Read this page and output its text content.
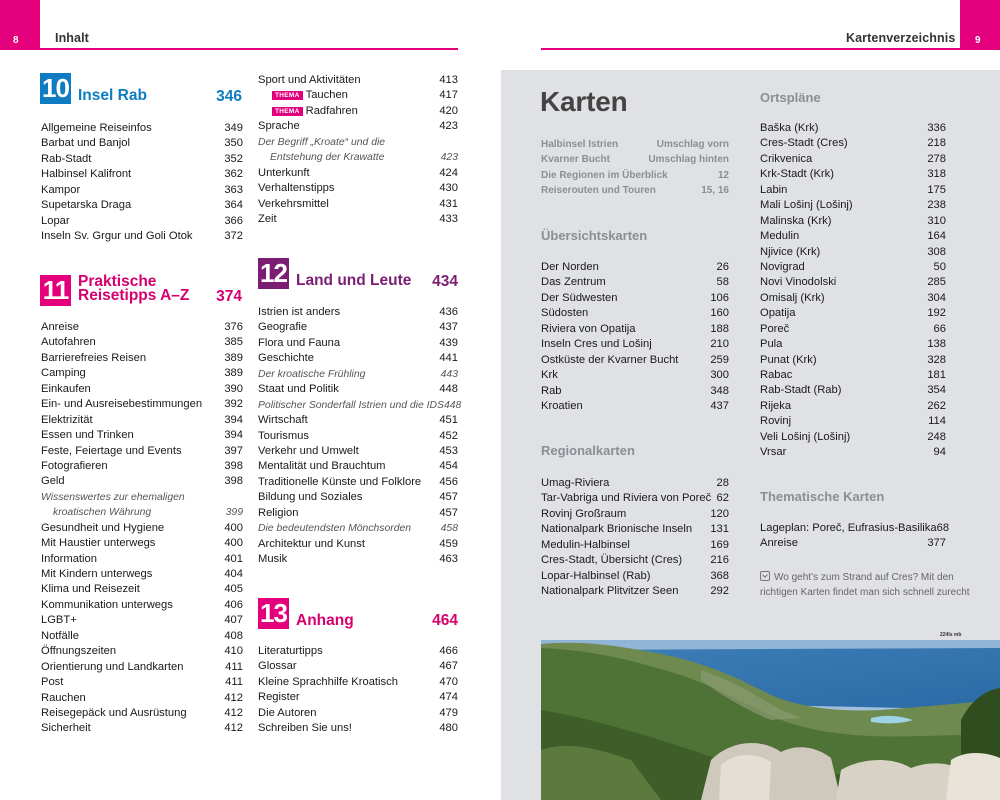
8	Inhalt	Kartenverzeichnis 9
10 Insel Rab	346
Allgemeine Reiseinfos	349
Barbat und Banjol	350
Rab-Stadt	352
Halbinsel Kalifront	362
Kampor	363
Supetarska Draga	364
Lopar	366
Inseln Sv. Grgur und Goli Otok	372
11 Praktische
Reisetipps A–Z	374
Anreise	376
Autofahren	385
Barrierefreies Reisen	389
Camping	389
Einkaufen	390
Ein- und Ausreisebestimmungen 392
Elektrizität	394
Essen und Trinken	394
Feste, Feiertage und Events	397
Fotografieren	398
Geld	398
Wissenswertes zur ehemaligen
kroatischen Währung	399
Gesundheit und Hygiene	400
Mit Haustier unterwegs	400
Information	401
Mit Kindern unterwegs	404
Klima und Reisezeit	405
Kommunikation unterwegs	406
LGBT+	407
Notfälle	408
Öffnungszeiten	410
Orientierung und Landkarten	411
Post	411
Rauchen	412
Reisegepäck und Ausrüstung	412
Sicherheit	412
Sport und Aktivitäten	413
THEMA Tauchen	417
THEMA Radfahren	420
Sprache	423
Der Begriff „Kroate“ und die
Entstehung der Krawatte	423
Unterkunft	424
Verhaltenstipps	430
Verkehrsmittel	431
Zeit	433
12 Land und Leute	434
Istrien ist anders	436
Geografie	437
Flora und Fauna	439
Geschichte	441
Der kroatische Frühling	443
Staat und Politik	448
Politischer Sonderfall Istrien und die IDS 448
Wirtschaft	451
Tourismus	452
Verkehr und Umwelt	453
Mentalität und Brauchtum	454
Traditionelle Künste und Folklore 456
Bildung und Soziales	457
Religion	457
Die bedeutendsten Mönchsorden	458
Architektur und Kunst	459
Musik	463
13 Anhang	464
Literaturtipps	466
Glossar	467
Kleine Sprachhilfe Kroatisch	470
Register	474
Die Autoren	479
Schreiben Sie uns!	480
Karten
Halbinsel Istrien	Umschlag vorn
Kvarner Bucht	Umschlag hinten
Die Regionen im Überblick	12
Reiserouten und Touren	15, 16
Übersichtskarten
Der Norden	26
Das Zentrum	58
Der Südwesten	106
Südosten	160
Riviera von Opatija	188
Inseln Cres und Lošinj	210
Ostküste der Kvarner Bucht	259
Krk	300
Rab	348
Kroatien	437
Regionalkarten
Umag-Riviera	28
Tar-Vabriga und Riviera von Poreč 62
Rovinj Großraum	120
Nationalpark Brionische Inseln 131
Medulin-Halbinsel	169
Cres-Stadt, Übersicht (Cres)	216
Lopar-Halbinsel (Rab)	368
Nationalpark Plitvitzer Seen	292
Ortspläne
Baška (Krk)	336
Cres-Stadt (Cres)	218
Crikvenica	278
Krk-Stadt (Krk)	318
Labin	175
Mali Lošinj (Lošinj)	238
Malinska (Krk)	310
Medulin	164
Njivice (Krk)	308
Novigrad	50
Novi Vinodolski	285
Omisalj (Krk)	304
Opatija	192
Poreč	66
Pula	138
Punat (Krk)	328
Rabac	181
Rab-Stadt (Rab)	354
Rijeka	262
Rovinj	114
Veli Lošinj (Lošinj)	248
Vrsar	94
Thematische Karten
Lageplan: Poreč, Eufrasius-Basilika 68
Anreise	377
Wo geht’s zum Strand auf Cres? Mit den
richtigen Karten findet man sich schnell zurecht
224ls mb
